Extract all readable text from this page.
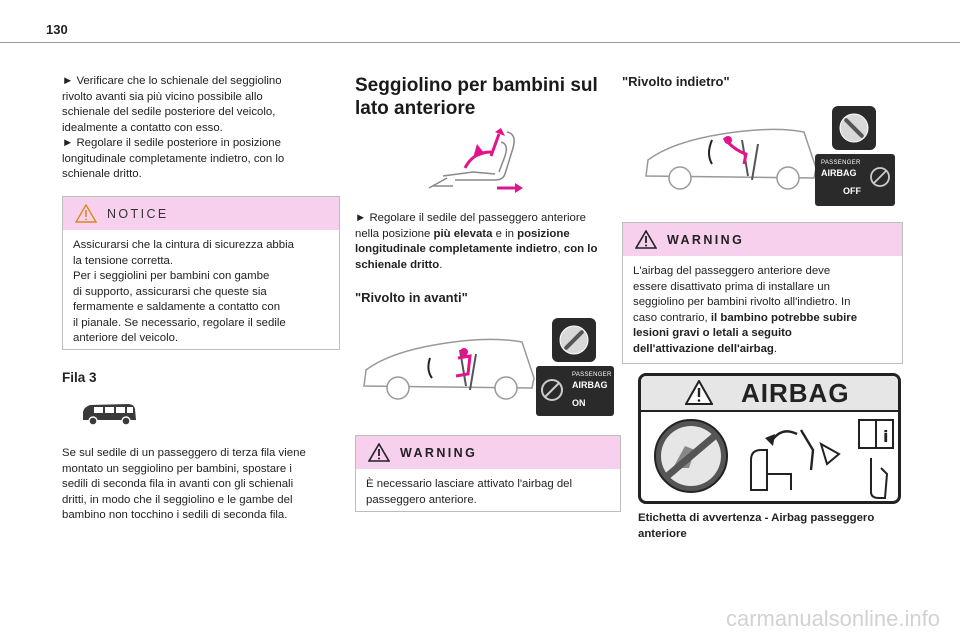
130

► Verificare che lo schienale del seggiolino

rivolto avanti sia più vicino possibile allo

schienale del sedile posteriore del veicolo,

idealmente a contatto con esso.

► Regolare il sedile posteriore in posizione

longitudinale completamente indietro, con lo

schienale dritto.

NOTICE

Assicurarsi che la cintura di sicurezza abbia

la tensione corretta.

Per i seggiolini per bambini con gambe

di supporto, assicurarsi che queste sia

fermamente e saldamente a contatto con

il pianale. Se necessario, regolare il sedile

anteriore del veicolo.

Fila 3

Se sul sedile di un passeggero di terza fila viene

montato un seggiolino per bambini, spostare i

sedili di seconda fila in avanti con gli schienali

dritti, in modo che il seggiolino e le gambe del

bambino non tocchino i sedili di seconda fila.

Seggiolino per bambini sul
lato anteriore

► Regolare il sedile del passeggero anteriore

nella posizione più elevata e in posizione

longitudinale completamente indietro, con lo

schienale dritto.

"Rivolto in avanti"
PASSENGER
AIRBAG
ON
WARNING

È necessario lasciare attivato l'airbag del

passeggero anteriore.

"Rivolto indietro"
PASSENGER
AIRBAG
OFF
WARNING

L'airbag del passeggero anteriore deve

essere disattivato prima di installare un

seggiolino per bambini rivolto all'indietro. In

caso contrario, il bambino potrebbe subire

lesioni gravi o letali a seguito

dell'attivazione dell'airbag.

AIRBAG
i

Etichetta di avvertenza - Airbag passeggero

anteriore

carmanualsonline.info
